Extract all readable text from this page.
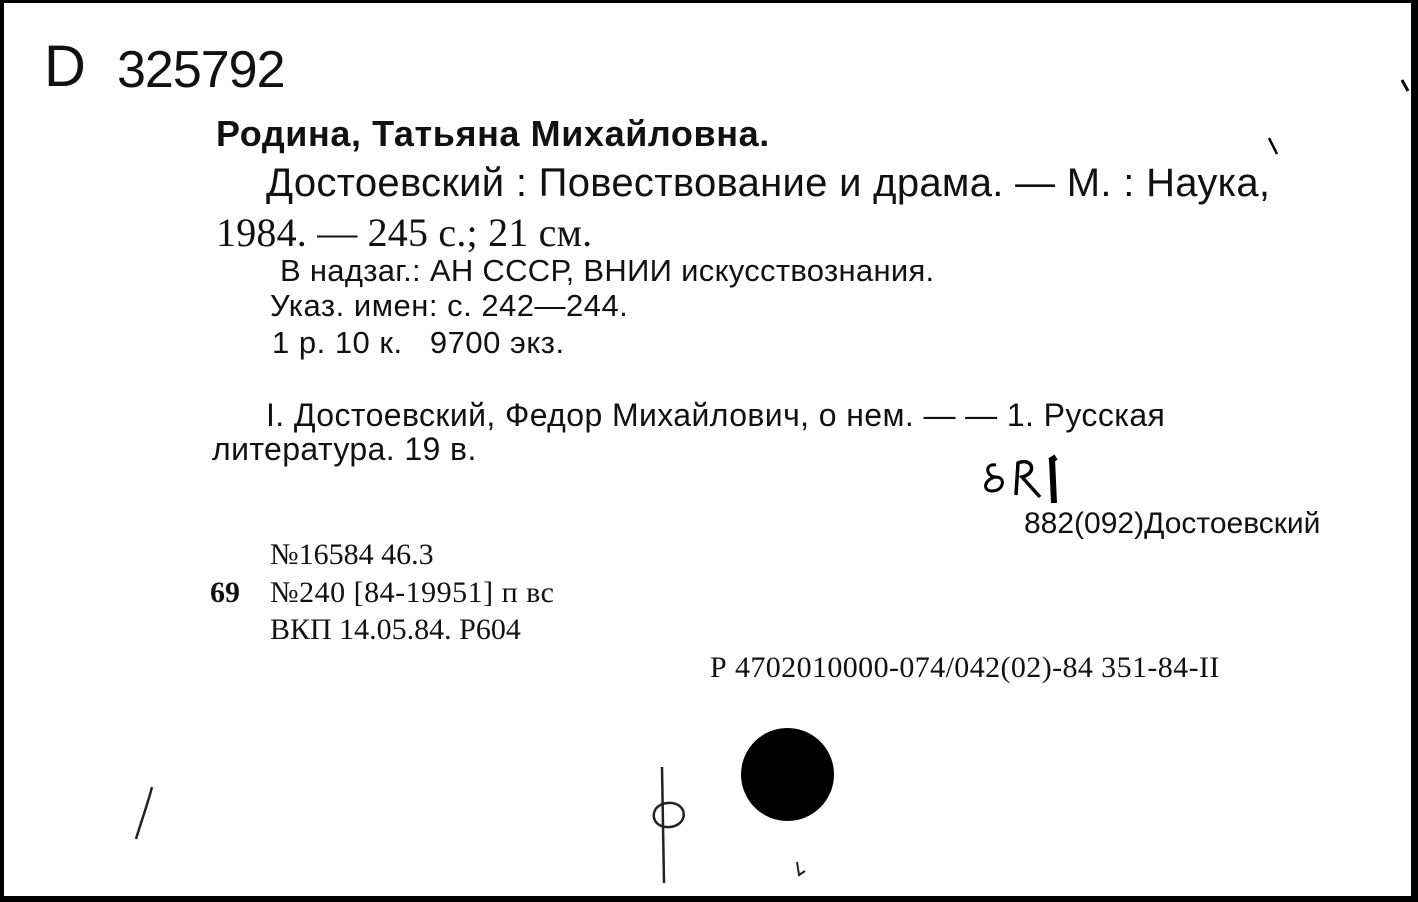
D 325792
Родина, Татьяна Михайловна.
Достоевский : Повествование и драма. — М. : Наука,
1984. — 245 с.; 21 см.
В надзаг.: АН СССР, ВНИИ искусствознания.
Указ. имен: с. 242—244.
1 р. 10 к.   9700 экз.
I. Достоевский, Федор Михайлович, о нем. — — 1. Русская
литература. 19 в.
882(092)Достоевский
№16584 46.3
69 №240 [84-19951] п вс
ВКП 14.05.84. Р604
Р 4702010000-074/042(02)-84 351-84-II
